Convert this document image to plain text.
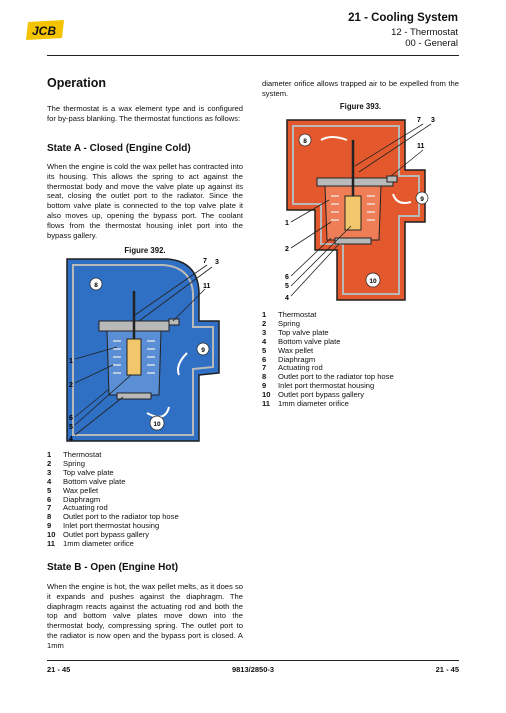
JCB
21 - Cooling System
12 - Thermostat
00 - General
Operation
The thermostat is a wax element type and is configured for by-pass blanking. The thermostat functions as follows:
State A - Closed (Engine Cold)
When the engine is cold the wax pellet has contracted into its housing. This allows the spring to act against the thermostat body and move the valve plate up against its seat, closing the outlet port to the radiator. Since the bottom valve plate is connected to the top valve plate it also moves up, opening the bypass port. The coolant flows from the thermostat housing inlet port into the bypass gallery.
Figure 392.
8
9
10
1
2
3
7
11
6
5
4
1	Thermostat
2	Spring
3	Top valve plate
4	Bottom valve plate
5	Wax pellet
6	Diaphragm
7	Actuating rod
8	Outlet port to the radiator top hose
9	Inlet port thermostat housing
10 Outlet port bypass gallery
11	1mm diameter orifice
State B - Open (Engine Hot)
When the engine is hot, the wax pellet melts, as it does so it expands and pushes against the diaphragm. The diaphragm reacts against the actuating rod and both the top and bottom valve plates move down into the thermostat body, compressing spring. The outlet port to the radiator is now open and the bypass port is closed. A 1mm
diameter orifice allows trapped air to be expelled from the system.
Figure 393.
8
9
10
1
2
3
7
11
6
5
4
1	Thermostat
2	Spring
3	Top valve plate
4	Bottom valve plate
5	Wax pellet
6	Diaphragm
7	Actuating rod
8	Outlet port to the radiator top hose
9	Inlet port thermostat housing
10 Outlet port bypass gallery
11	1mm diameter orifice
21 - 45	9813/2850-3	21 - 45
